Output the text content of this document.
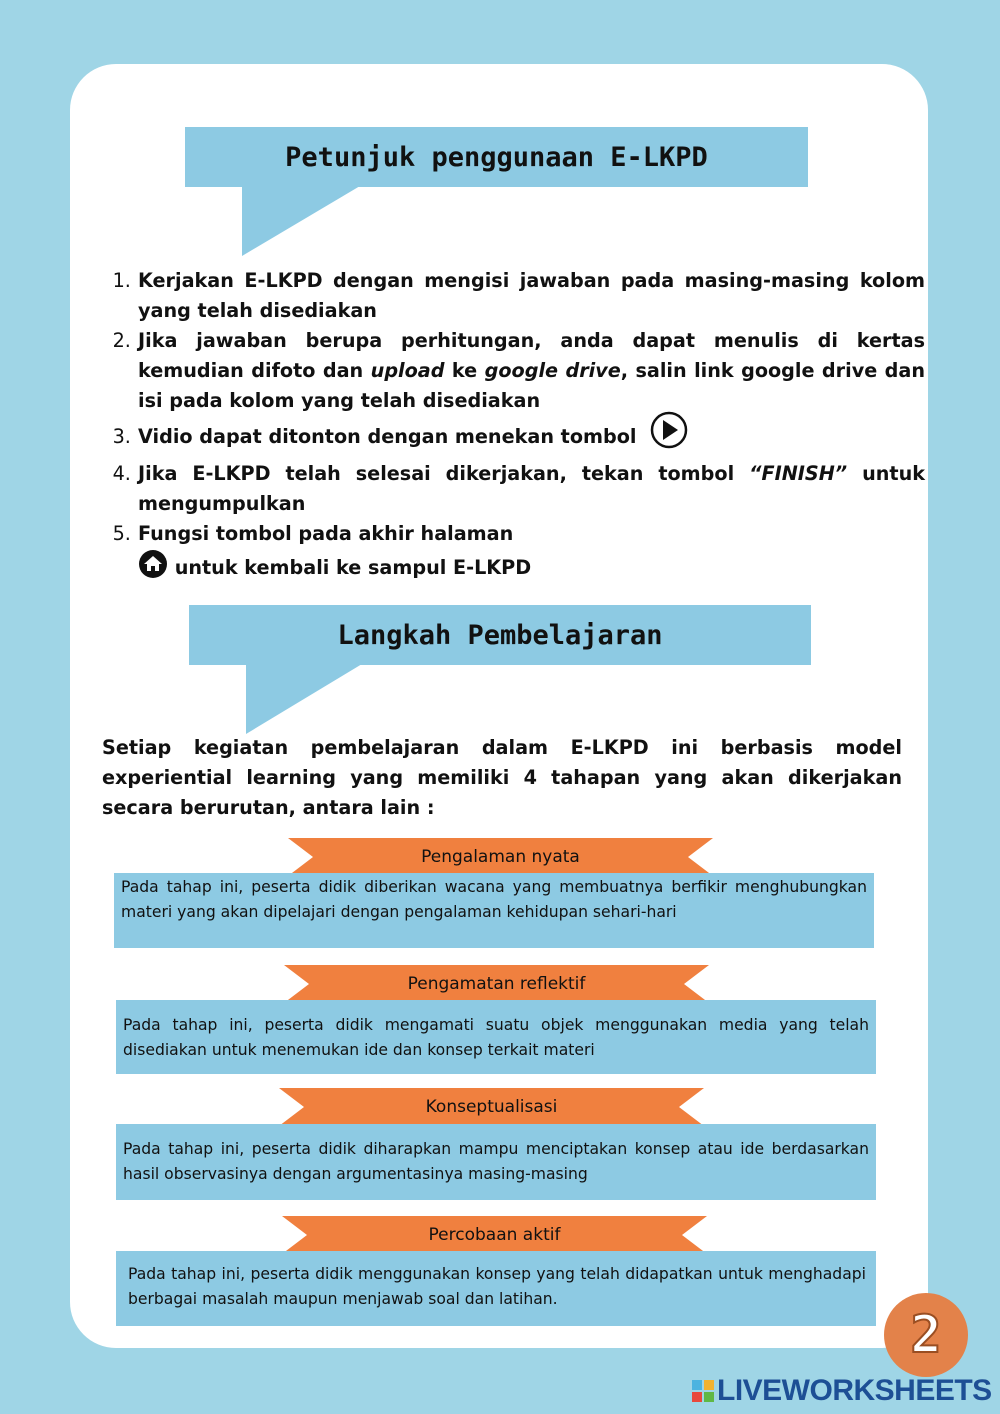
Petunjuk penggunaan E-LKPD
1. Kerjakan E-LKPD dengan mengisi jawaban pada masing-masing kolom yang telah disediakan
2. Jika jawaban berupa perhitungan, anda dapat menulis di kertas kemudian difoto dan upload ke google drive, salin link google drive dan isi pada kolom yang telah disediakan
3. Vidio dapat ditonton dengan menekan tombol
4. Jika E-LKPD telah selesai dikerjakan, tekan tombol “FINISH” untuk mengumpulkan
5. Fungsi tombol pada akhir halaman
untuk kembali ke sampul E-LKPD
Langkah Pembelajaran

Setiap kegiatan pembelajaran dalam E-LKPD ini berbasis model experiential learning yang memiliki 4 tahapan yang akan dikerjakan secara berurutan, antara lain :

Pengalaman nyata
Pada tahap ini, peserta didik diberikan wacana yang membuatnya berfikir menghubungkan materi yang akan dipelajari dengan pengalaman kehidupan sehari-hari
Pengamatan reflektif
Pada tahap ini, peserta didik mengamati suatu objek menggunakan media yang telah disediakan untuk menemukan ide dan konsep terkait materi
Konseptualisasi
Pada tahap ini, peserta didik diharapkan mampu menciptakan konsep atau ide berdasarkan hasil observasinya dengan argumentasinya masing-masing
Percobaan aktif
Pada tahap ini, peserta didik menggunakan konsep yang telah didapatkan untuk menghadapi berbagai masalah maupun menjawab soal dan latihan.
2
LIVEWORKSHEETS
